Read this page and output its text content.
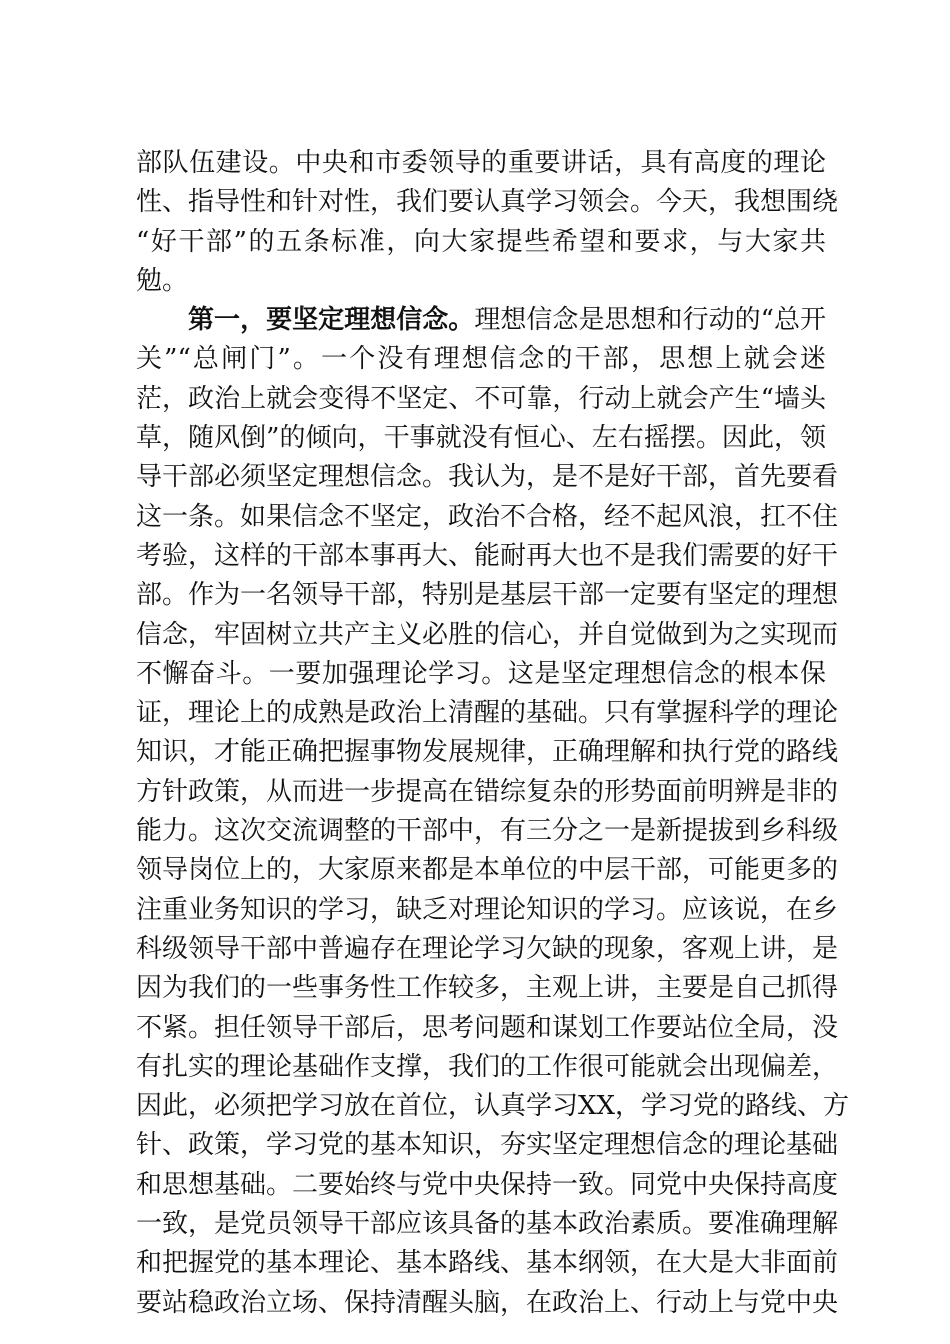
部队伍建设。中央和市委领导的重要讲话，具有高度的理论
性、指导性和针对性，我们要认真学习领会。今天，我想围绕
“好干部”的五条标准，向大家提些希望和要求，与大家共
勉。
第一，要坚定理想信念。理想信念是思想和行动的“总开
关”“总闸门”。一个没有理想信念的干部，思想上就会迷
茫，政治上就会变得不坚定、不可靠，行动上就会产生“墙头
草，随风倒”的倾向，干事就没有恒心、左右摇摆。因此，领
导干部必须坚定理想信念。我认为，是不是好干部，首先要看
这一条。如果信念不坚定，政治不合格，经不起风浪，扛不住
考验，这样的干部本事再大、能耐再大也不是我们需要的好干
部。作为一名领导干部，特别是基层干部一定要有坚定的理想
信念，牢固树立共产主义必胜的信心，并自觉做到为之实现而
不懈奋斗。一要加强理论学习。这是坚定理想信念的根本保
证，理论上的成熟是政治上清醒的基础。只有掌握科学的理论
知识，才能正确把握事物发展规律，正确理解和执行党的路线
方针政策，从而进一步提高在错综复杂的形势面前明辨是非的
能力。这次交流调整的干部中，有三分之一是新提拔到乡科级
领导岗位上的，大家原来都是本单位的中层干部，可能更多的
注重业务知识的学习，缺乏对理论知识的学习。应该说，在乡
科级领导干部中普遍存在理论学习欠缺的现象，客观上讲，是
因为我们的一些事务性工作较多，主观上讲，主要是自己抓得
不紧。担任领导干部后，思考问题和谋划工作要站位全局，没
有扎实的理论基础作支撑，我们的工作很可能就会出现偏差，
因此，必须把学习放在首位，认真学习XX，学习党的路线、方
针、政策，学习党的基本知识，夯实坚定理想信念的理论基础
和思想基础。二要始终与党中央保持一致。同党中央保持高度
一致，是党员领导干部应该具备的基本政治素质。要准确理解
和把握党的基本理论、基本路线、基本纲领，在大是大非面前
要站稳政治立场、保持清醒头脑，在政治上、行动上与党中央
